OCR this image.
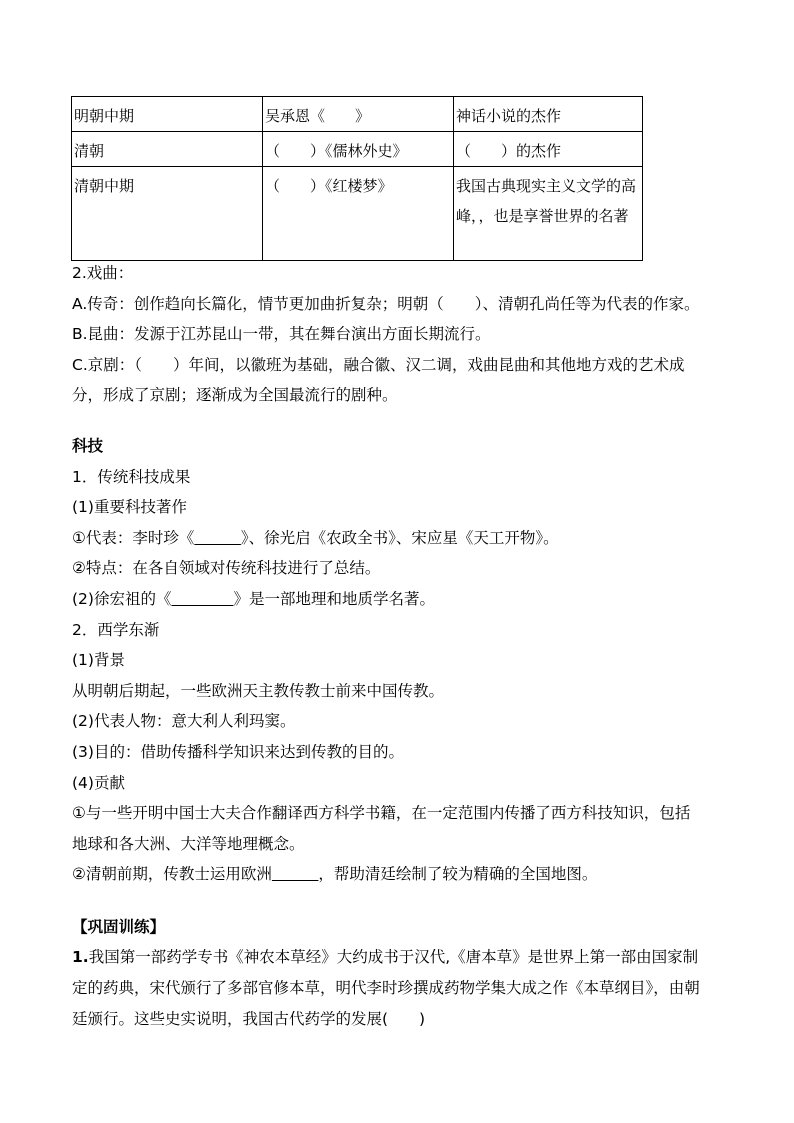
明朝中期	吴承恩《　　》	神话小说的杰作
清朝	（　　）《儒林外史》	（　　）的杰作
清朝中期	（　　）《红楼梦》	我国古典现实主义文学的高峰，，也是享誉世界的名著
2.戏曲：
A.传奇：创作趋向长篇化，情节更加曲折复杂；明朝（　　）、清朝孔尚任等为代表的作家。
B.昆曲：发源于江苏昆山一带，其在舞台演出方面长期流行。
C.京剧：（　　）年间，以徽班为基础，融合徽、汉二调，戏曲昆曲和其他地方戏的艺术成
分，形成了京剧；逐渐成为全国最流行的剧种。
科技
1．传统科技成果
(1)重要科技著作
①代表：李时珍《　　　	》、徐光启《农政全书》、宋应星《天工开物》。
②特点：在各自领域对传统科技进行了总结。
(2)徐宏祖的《　　　　	》是一部地理和地质学名著。
2．西学东渐
(1)背景
从明朝后期起，一些欧洲天主教传教士前来中国传教。
(2)代表人物：意大利人利玛窦。
(3)目的：借助传播科学知识来达到传教的目的。
(4)贡献
①与一些开明中国士大夫合作翻译西方科学书籍，在一定范围内传播了西方科技知识，包括
地球和各大洲、大洋等地理概念。
②清朝前期，传教士运用欧洲　　　	，帮助清廷绘制了较为精确的全国地图。
【巩固训练】
1.我国第一部药学专书《神农本草经》大约成书于汉代,《唐本草》是世界上第一部由国家制
定的药典，宋代颁行了多部官修本草，明代李时珍撰成药物学集大成之作《本草纲目》，由朝
廷颁行。这些史实说明，我国古代药学的发展(　　)
